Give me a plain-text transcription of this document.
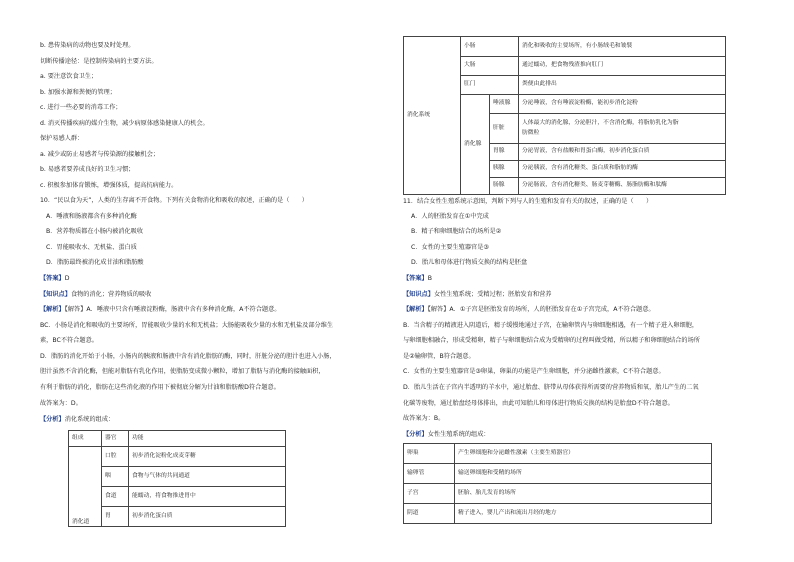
b. 患传染病的动物也要及时处理。
切断传播途径：是控制传染病的主要方法。
a. 要注意饮食卫生；
b. 加强水源和粪便的管理；
c. 进行一些必要的消毒工作；
d. 消灭传播疾病的媒介生物，减少病原体感染健康人的机会。
保护易感人群：
a. 减少或防止易感者与传染源的接触机会；
b. 易感者要养成良好的卫生习惯；
c. 积极参加体育锻炼，增强体质，提高抗病能力。
10．“民以食为天”，人类的生存离不开食物。下列有关食物消化和吸收的叙述，正确的是（　　）
A．唾液和肠液都含有多种消化酶
B．营养物质都在小肠内被消化吸收
C．胃能吸收水、无机盐、蛋白质
D．脂肪最终被消化成甘油和脂肪酸
【答案】D
【知识点】食物的消化；营养物质的吸收
【解析】【解答】A．唾液中只含有唾液淀粉酶，肠液中含有多种消化酶，A不符合题意。
BC．小肠是消化和吸收的主要场所，胃能吸收少量的水和无机盐；大肠能吸收少量的水和无机盐及部分维生
素，BC不符合题意。
D．脂肪的消化开始于小肠，小肠内的胰液和肠液中含有消化脂肪的酶，同时，肝脏分泌的胆汁也进入小肠，
胆汁虽然不含消化酶，但能对脂肪有乳化作用，使脂肪变成微小颗粒，增加了脂肪与消化酶的接触面积，
有利于脂肪的消化，脂肪在这些消化液的作用下被彻底分解为甘油和脂肪酸D符合题意。
故答案为：D。
【分析】消化系统的组成：
组成	器官	功能
消化道	口腔	初步消化淀粉化成麦芽糖
	咽	食物与气体的共同通道
	食道	能蠕动，将食物推进胃中
	胃	初步消化蛋白质
消化系统	小肠		消化和吸收的主要场所，有小肠绒毛和皱襞
	大肠		通过蠕动，把食物残渣推向肛门
	肛门		粪便由此排出
	消化腺	唾液腺	分泌唾液，含有唾液淀粉酶，能初步消化淀粉
		肝脏	人体最大的消化腺，分泌胆汁，不含消化酶，将脂肪乳化为脂
肪微粒

		胃腺	分泌胃液，含有盐酸和胃蛋白酶，初步消化蛋白质
		胰腺	分泌胰液，含有消化糖类、蛋白质和脂肪的酶
		肠腺	分泌肠液，含有消化糖类、肠麦芽糖酶、肠脂肪酶和肽酶
11．结合女性生殖系统示意图，判断下列与人的生殖和发育有关的叙述，正确的是（　　）
A．人的胚胎发育在①中完成
B．精子和卵细胞结合的场所是②
C．女性的主要生殖器官是③
D．胎儿和母体进行物质交换的结构是胚盘
【答案】B
【知识点】女性生殖系统；受精过程；胚胎发育和营养
【解析】【解答】A．①子宫是胚胎发育的场所，人的胚胎发育在①子宫完成，A不符合题意。
B．当含精子的精液进入阴道后，精子缓慢地通过子宫，在输卵管内与卵细胞相遇，有一个精子进入卵细胞，
与卵细胞相融合，形成受精卵，精子与卵细胞结合成为受精卵的过程叫做受精，所以精子和卵细胞结合的场所
是②输卵管，B符合题意。
C．女性的主要生殖器官是③卵巢，卵巢的功能是产生卵细胞，并分泌雌性激素，C不符合题意。
D．胎儿生活在子宫内半透明的羊水中，通过胎盘、脐带从母体获得所需要的营养物质和氧，胎儿产生的二氧
化碳等废物，通过胎盘经母体排出，由此可知胎儿和母体进行物质交换的结构是胎盘D不符合题意。
故答案为：B。
【分析】女性生殖系统的组成：
卵巢	产生卵细胞和分泌雌性激素（主要生殖器官）
输卵管	输送卵细胞和受精的场所
子宫	胚胎、胎儿发育的场所
阴道	精子进入，婴儿产出和流出月经的地方
